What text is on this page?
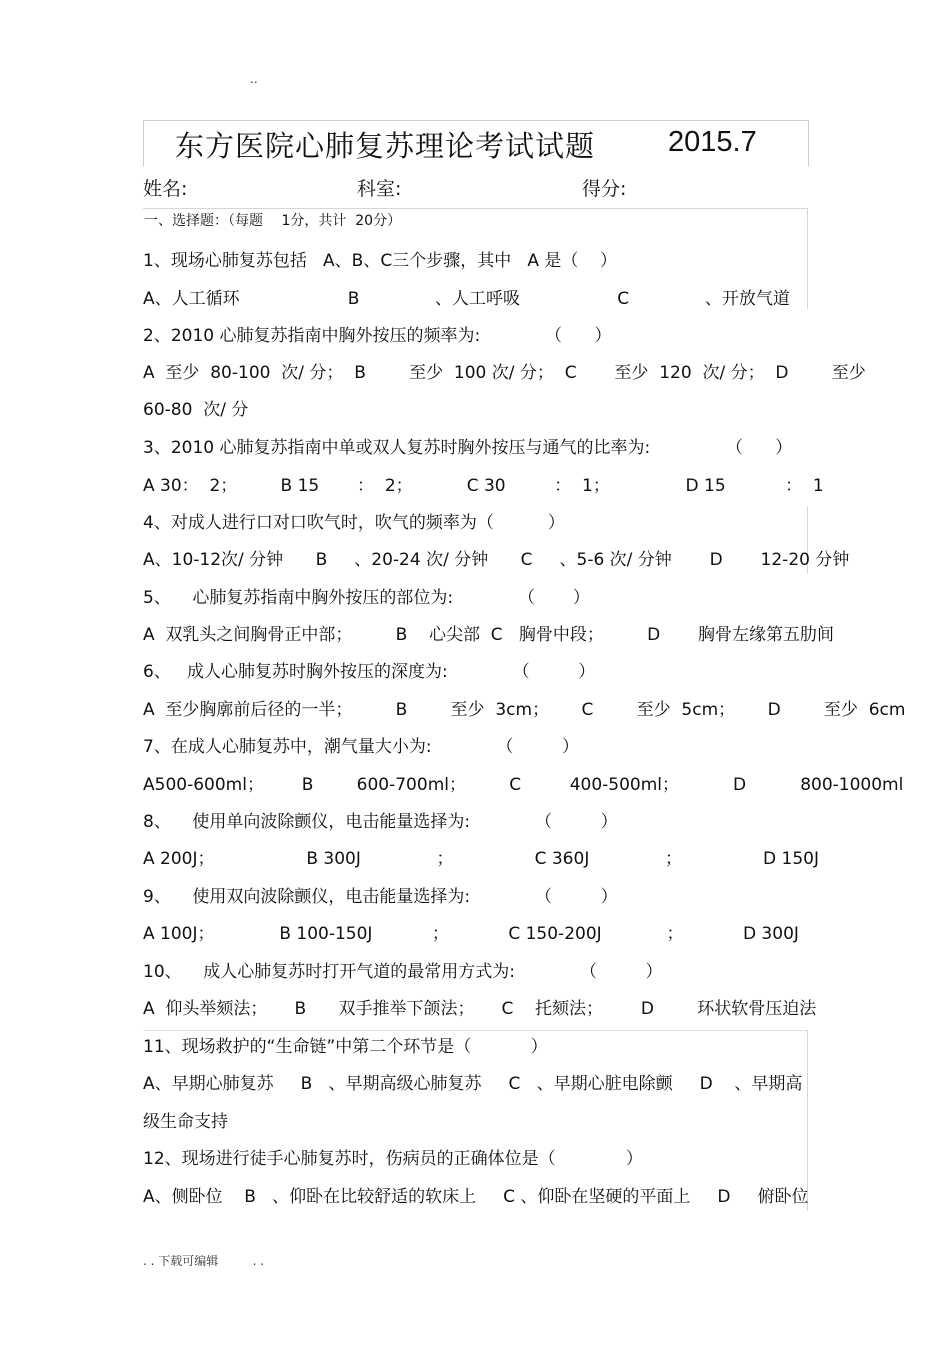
..
东方医院心肺复苏理论考试试题	2015.7
姓名:	科室:	得分:
一、选择题：（每题　 1分，共计  20分）
1、现场心肺复苏包括   A、B、C三个步骤，其中   A 是（    ）
A、人工循环                    B              、人工呼吸                  C              、开放气道
2、2010 心肺复苏指南中胸外按压的频率为:            （      ）
A  至少  80-100  次/ 分；  B        至少  100 次/ 分；  C       至少  120  次/ 分；  D        至少
60-80  次/ 分
3、2010 心肺复苏指南中单或双人复苏时胸外按压与通气的比率为:              （      ）
A 30：  2；        B 15       ：  2；          C 30         ：  1；              D 15           ：  1
4、对成人进行口对口吹气时，吹气的频率为（          ）
A、10-12次/ 分钟      B     、20-24 次/ 分钟      C     、5-6 次/ 分钟       D       12-20 分钟
5、    心肺复苏指南中胸外按压的部位为:            （       ）
A  双乳头之间胸骨正中部；        B    心尖部  C   胸骨中段；        D       胸骨左缘第五肋间
6、   成人心肺复苏时胸外按压的深度为:            （         ）
A  至少胸廓前后径的一半；        B        至少  3cm；      C        至少  5cm；      D        至少  6cm
7、在成人心肺复苏中，潮气量大小为:            （         ）
A500-600ml；       B        600-700ml；        C         400-500ml；          D          800-1000ml
8、    使用单向波除颤仪，电击能量选择为:            （         ）
A 200J；                 B 300J              ；               C 360J              ；               D 150J
9、    使用双向波除颤仪，电击能量选择为:            （         ）
A 100J；            B 100-150J           ；           C 150-200J            ；           D 300J
10、    成人心肺复苏时打开气道的最常用方式为:            （         ）
A  仰头举颏法；     B      双手推举下颌法；     C    托颏法；       D        环状软骨压迫法
11、现场救护的“生命链”中第二个环节是（           ）
A、早期心肺复苏     B   、早期高级心肺复苏     C   、早期心脏电除颤     D    、早期高
级生命支持
12、现场进行徒手心肺复苏时，伤病员的正确体位是（             ）
A、侧卧位    B   、仰卧在比较舒适的软床上     C 、仰卧在坚硬的平面上     D     俯卧位
. . 下载可编辑         . .
